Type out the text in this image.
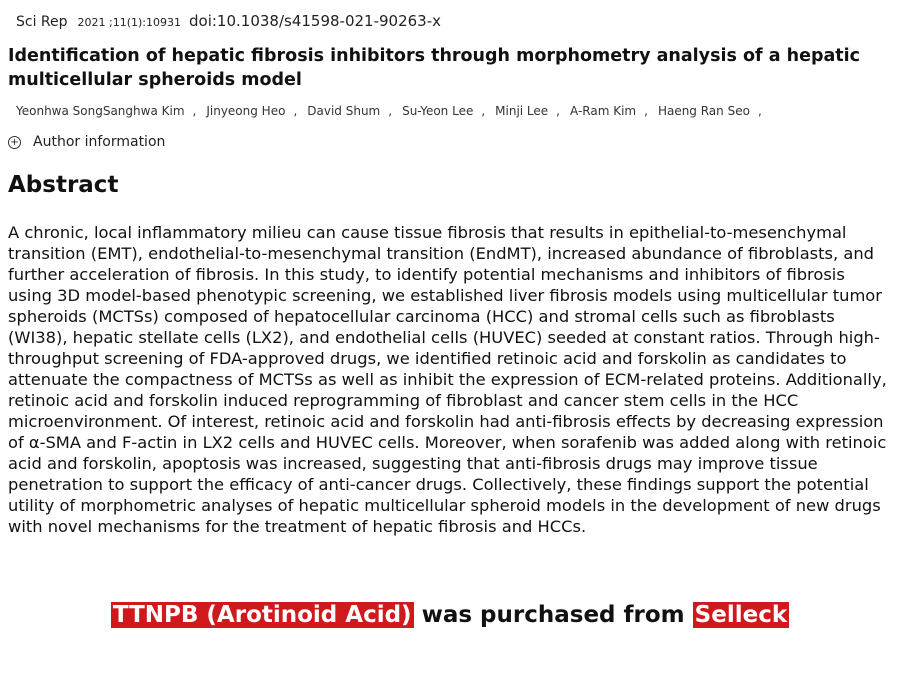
Sci Rep 2021 ;11(1):10931 doi:10.1038/s41598-021-90263-x
Identification of hepatic fibrosis inhibitors through morphometry analysis of a hepatic multicellular spheroids model
Yeonhwa SongSanghwa Kim , Jinyeong Heo , David Shum , Su-Yeon Lee , Minji Lee , A-Ram Kim , Haeng Ran Seo ,
+ Author information
Abstract

A chronic, local inflammatory milieu can cause tissue fibrosis that results in epithelial-to-mesenchymal transition (EMT), endothelial-to-mesenchymal transition (EndMT), increased abundance of fibroblasts, and further acceleration of fibrosis. In this study, to identify potential mechanisms and inhibitors of fibrosis using 3D model-based phenotypic screening, we established liver fibrosis models using multicellular tumor spheroids (MCTSs) composed of hepatocellular carcinoma (HCC) and stromal cells such as fibroblasts (WI38), hepatic stellate cells (LX2), and endothelial cells (HUVEC) seeded at constant ratios. Through high-throughput screening of FDA-approved drugs, we identified retinoic acid and forskolin as candidates to attenuate the compactness of MCTSs as well as inhibit the expression of ECM-related proteins. Additionally, retinoic acid and forskolin induced reprogramming of fibroblast and cancer stem cells in the HCC microenvironment. Of interest, retinoic acid and forskolin had anti-fibrosis effects by decreasing expression of α-SMA and F-actin in LX2 cells and HUVEC cells. Moreover, when sorafenib was added along with retinoic acid and forskolin, apoptosis was increased, suggesting that anti-fibrosis drugs may improve tissue penetration to support the efficacy of anti-cancer drugs. Collectively, these findings support the potential utility of morphometric analyses of hepatic multicellular spheroid models in the development of new drugs with novel mechanisms for the treatment of hepatic fibrosis and HCCs.

TTNPB (Arotinoid Acid) was purchased from Selleck
